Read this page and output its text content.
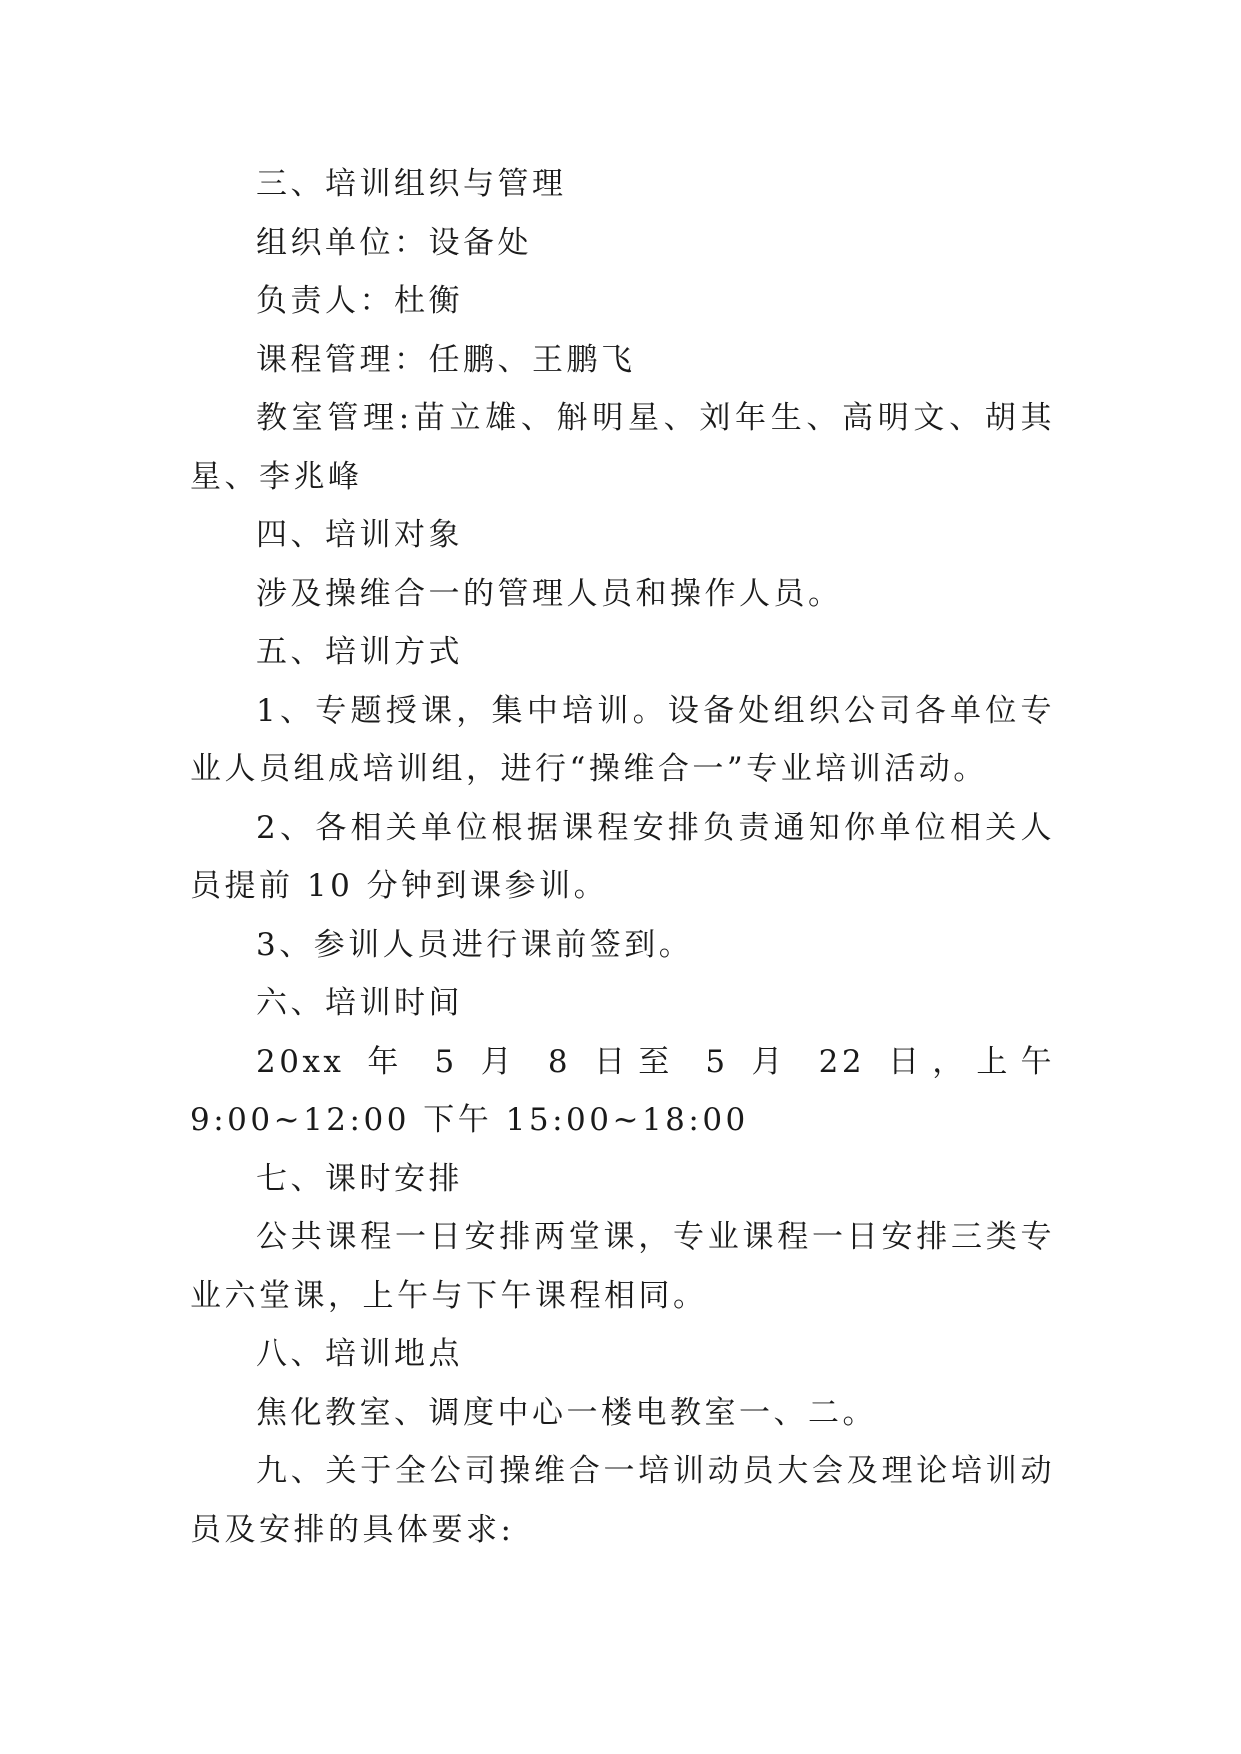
三、培训组织与管理

组织单位：设备处

负责人：杜衡

课程管理：任鹏、王鹏飞

教室管理:苗立雄、斛明星、刘年生、高明文、胡其星、李兆峰

四、培训对象

涉及操维合一的管理人员和操作人员。

五、培训方式

1、专题授课，集中培训。设备处组织公司各单位专业人员组成培训组，进行“操维合一”专业培训活动。

2、各相关单位根据课程安排负责通知你单位相关人员提前 10 分钟到课参训。

3、参训人员进行课前签到。

六、培训时间

20xx 年 5 月 8 日至 5 月 22 日，上午 9:00~12:00 下午 15:00~18:00

七、课时安排

公共课程一日安排两堂课，专业课程一日安排三类专业六堂课，上午与下午课程相同。

八、培训地点

焦化教室、调度中心一楼电教室一、二。

九、关于全公司操维合一培训动员大会及理论培训动员及安排的具体要求:
